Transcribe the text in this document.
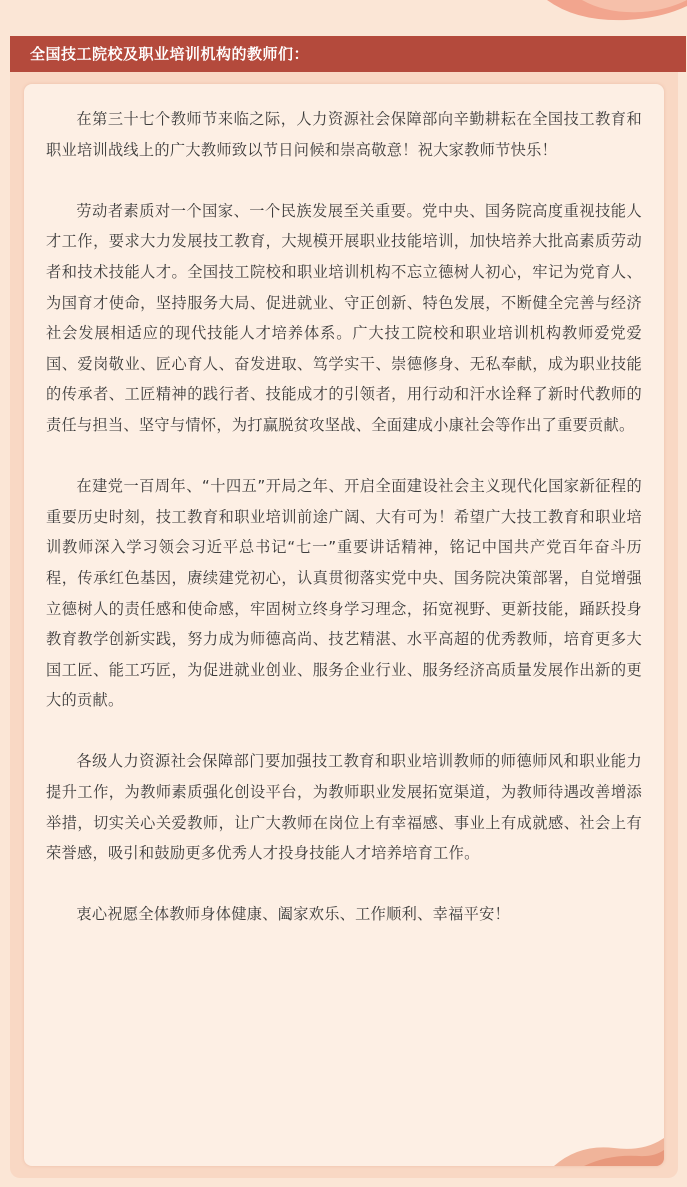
全国技工院校及职业培训机构的教师们：

在第三十七个教师节来临之际，人力资源社会保障部向辛勤耕耘在全国技工教育和职业培训战线上的广大教师致以节日问候和崇高敬意！祝大家教师节快乐！

劳动者素质对一个国家、一个民族发展至关重要。党中央、国务院高度重视技能人才工作，要求大力发展技工教育，大规模开展职业技能培训，加快培养大批高素质劳动者和技术技能人才。全国技工院校和职业培训机构不忘立德树人初心，牢记为党育人、为国育才使命，坚持服务大局、促进就业、守正创新、特色发展，不断健全完善与经济社会发展相适应的现代技能人才培养体系。广大技工院校和职业培训机构教师爱党爱国、爱岗敬业、匠心育人、奋发进取、笃学实干、崇德修身、无私奉献，成为职业技能的传承者、工匠精神的践行者、技能成才的引领者，用行动和汗水诠释了新时代教师的责任与担当、坚守与情怀，为打赢脱贫攻坚战、全面建成小康社会等作出了重要贡献。

在建党一百周年、“十四五”开局之年、开启全面建设社会主义现代化国家新征程的重要历史时刻，技工教育和职业培训前途广阔、大有可为！希望广大技工教育和职业培训教师深入学习领会习近平总书记“七一”重要讲话精神，铭记中国共产党百年奋斗历程，传承红色基因，赓续建党初心，认真贯彻落实党中央、国务院决策部署，自觉增强立德树人的责任感和使命感，牢固树立终身学习理念，拓宽视野、更新技能，踊跃投身教育教学创新实践，努力成为师德高尚、技艺精湛、水平高超的优秀教师，培育更多大国工匠、能工巧匠，为促进就业创业、服务企业行业、服务经济高质量发展作出新的更大的贡献。

各级人力资源社会保障部门要加强技工教育和职业培训教师的师德师风和职业能力提升工作，为教师素质强化创设平台，为教师职业发展拓宽渠道，为教师待遇改善增添举措，切实关心关爱教师，让广大教师在岗位上有幸福感、事业上有成就感、社会上有荣誉感，吸引和鼓励更多优秀人才投身技能人才培养培育工作。

衷心祝愿全体教师身体健康、阖家欢乐、工作顺利、幸福平安！
